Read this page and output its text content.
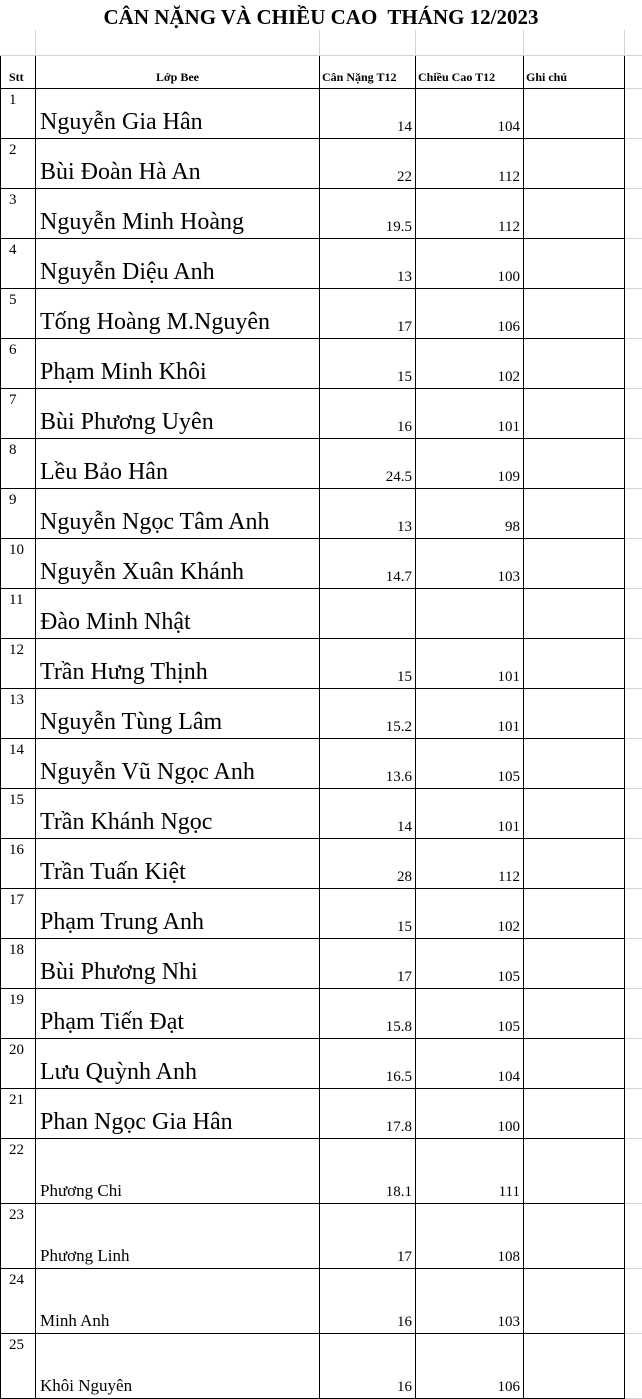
CÂN NẶNG VÀ CHIỀU CAO  THÁNG 12/2023

Stt	Lớp Bee	Cân Nặng T12	Chiều Cao T12	Ghi chú	

1	Nguyễn Gia Hân	14	104		

2	Bùi Đoàn Hà An	22	112		

3	Nguyễn Minh Hoàng	19.5	112		

4	Nguyễn Diệu Anh	13	100		

5	Tống Hoàng M.Nguyên	17	106		

6	Phạm Minh Khôi	15	102		

7	Bùi Phương Uyên	16	101		

8	Lều Bảo Hân	24.5	109		

9	Nguyễn Ngọc Tâm Anh	13	98		

10	Nguyễn Xuân Khánh	14.7	103		

11	Đào Minh Nhật				

12	Trần Hưng Thịnh	15	101		

13	Nguyễn Tùng Lâm	15.2	101		

14	Nguyễn Vũ Ngọc Anh	13.6	105		

15	Trần Khánh Ngọc	14	101		

16	Trần Tuấn Kiệt	28	112		

17	Phạm Trung Anh	15	102		

18	Bùi Phương Nhi	17	105		

19	Phạm Tiến Đạt	15.8	105		

20	Lưu Quỳnh Anh	16.5	104		

21	Phan Ngọc Gia Hân	17.8	100		

22	Phương Chi	18.1	111		

23	Phương Linh	17	108		

24	Minh Anh	16	103		

25	Khôi Nguyên	16	106		
